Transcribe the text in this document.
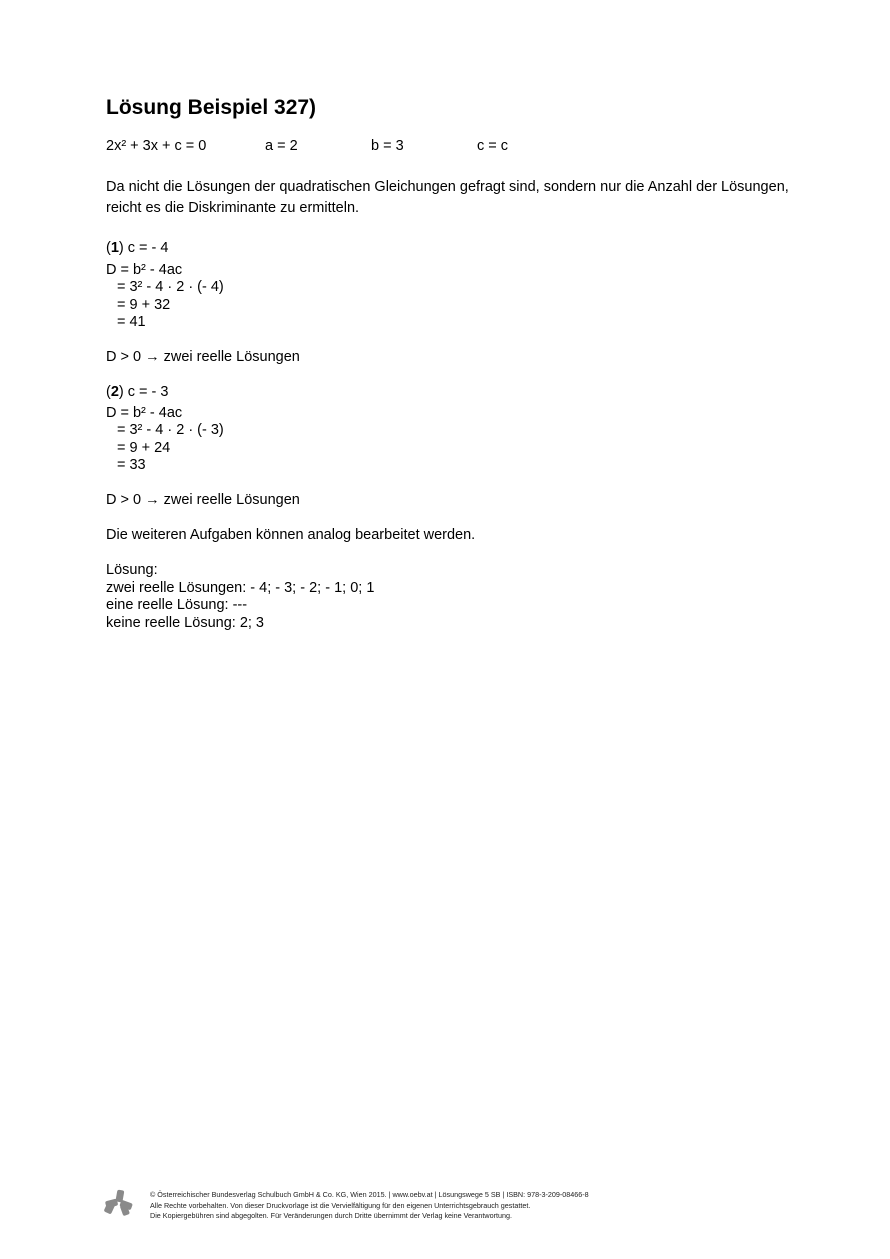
Lösung Beispiel 327)
2x² + 3x + c = 0	a = 2	b = 3	c = c

Da nicht die Lösungen der quadratischen Gleichungen gefragt sind, sondern nur die Anzahl der Lösungen, reicht es die Diskriminante zu ermitteln.

(1) c = - 4
D = b² - 4ac
= 3² - 4 · 2 · (- 4)
= 9 + 32
= 41
D > 0 → zwei reelle Lösungen
(2) c = - 3
D = b² - 4ac
= 3² - 4 · 2 · (- 3)
= 9 + 24
= 33
D > 0 → zwei reelle Lösungen
Die weiteren Aufgaben können analog bearbeitet werden.
Lösung:
zwei reelle Lösungen: - 4; - 3; - 2; - 1; 0; 1
eine reelle Lösung: ---
keine reelle Lösung: 2; 3
© Österreichischer Bundesverlag Schulbuch GmbH & Co. KG, Wien 2015. | www.oebv.at | Lösungswege 5 SB | ISBN: 978-3-209-08466-8
Alle Rechte vorbehalten. Von dieser Druckvorlage ist die Vervielfältigung für den eigenen Unterrichtsgebrauch gestattet.
Die Kopiergebühren sind abgegolten. Für Veränderungen durch Dritte übernimmt der Verlag keine Verantwortung.
